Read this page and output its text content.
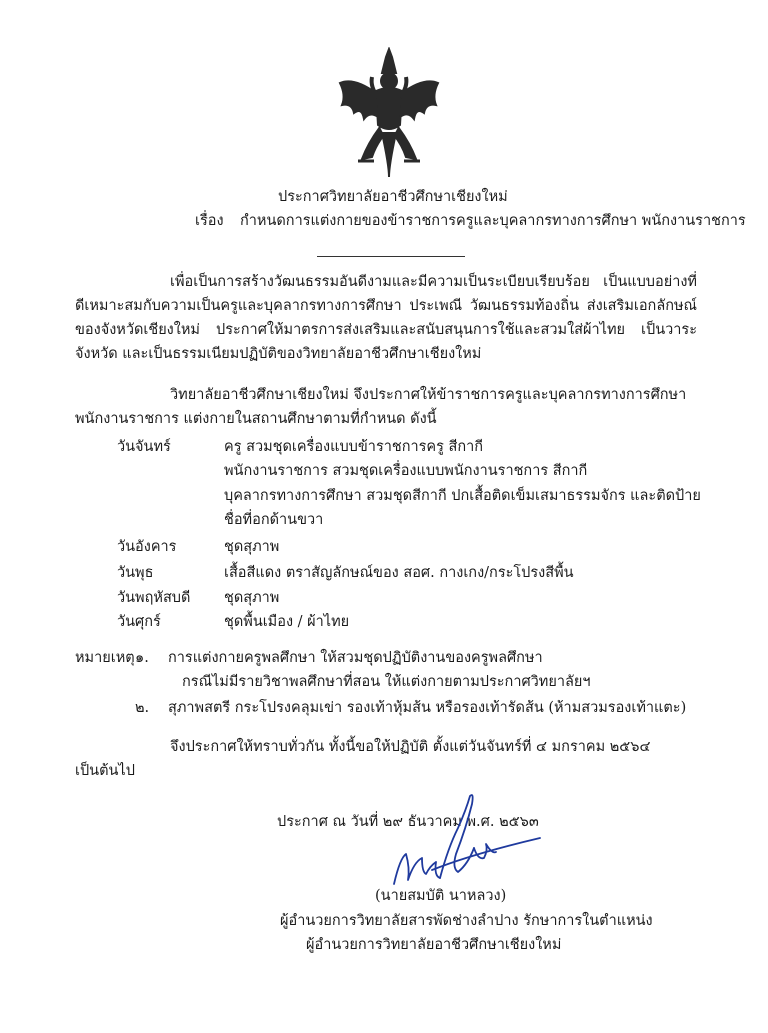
ประกาศวิทยาลัยอาชีวศึกษาเชียงใหม่
เรื่อง กำหนดการแต่งกายของข้าราชการครูและบุคลากรทางการศึกษา พนักงานราชการ
เพื่อเป็นการสร้างวัฒนธรรมอันดีงามและมีความเป็นระเบียบเรียบร้อย เป็นแบบอย่างที่ดีเหมาะสมกับความเป็นครูและบุคลากรทางการศึกษา ประเพณี วัฒนธรรมท้องถิ่น ส่งเสริมเอกลักษณ์ของจังหวัดเชียงใหม่ ประกาศให้มาตรการส่งเสริมและสนับสนุนการใช้และสวมใส่ผ้าไทย เป็นวาระจังหวัด และเป็นธรรมเนียมปฏิบัติของวิทยาลัยอาชีวศึกษาเชียงใหม่
วิทยาลัยอาชีวศึกษาเชียงใหม่ จึงประกาศให้ข้าราชการครูและบุคลากรทางการศึกษา
พนักงานราชการ แต่งกายในสถานศึกษาตามที่กำหนด ดังนี้
วันจันทร์	ครู สวมชุดเครื่องแบบข้าราชการครู สีกากี
พนักงานราชการ สวมชุดเครื่องแบบพนักงานราชการ สีกากี
บุคลากรทางการศึกษา สวมชุดสีกากี ปกเสื้อติดเข็มเสมาธรรมจักร และติดป้าย
ชื่อที่อกด้านขวา
วันอังคาร	ชุดสุภาพ
วันพุธ	เสื้อสีแดง ตราสัญลักษณ์ของ สอศ. กางเกง/กระโปรงสีพื้น
วันพฤหัสบดี ชุดสุภาพ
วันศุกร์	ชุดพื้นเมือง / ผ้าไทย
หมายเหตุ ๑. การแต่งกายครูพลศึกษา ให้สวมชุดปฏิบัติงานของครูพลศึกษา
กรณีไม่มีรายวิชาพลศึกษาที่สอน ให้แต่งกายตามประกาศวิทยาลัยฯ
๒. สุภาพสตรี กระโปรงคลุมเข่า รองเท้าหุ้มส้น หรือรองเท้ารัดส้น (ห้ามสวมรองเท้าแตะ)
จึงประกาศให้ทราบทั่วกัน ทั้งนี้ขอให้ปฏิบัติ ตั้งแต่วันจันทร์ที่ ๔ มกราคม ๒๕๖๔
เป็นต้นไป
ประกาศ ณ วันที่ ๒๙ ธันวาคม พ.ศ. ๒๕๖๓
(นายสมบัติ นาหลวง)
ผู้อำนวยการวิทยาลัยสารพัดช่างลำปาง รักษาการในตำแหน่ง
ผู้อำนวยการวิทยาลัยอาชีวศึกษาเชียงใหม่
